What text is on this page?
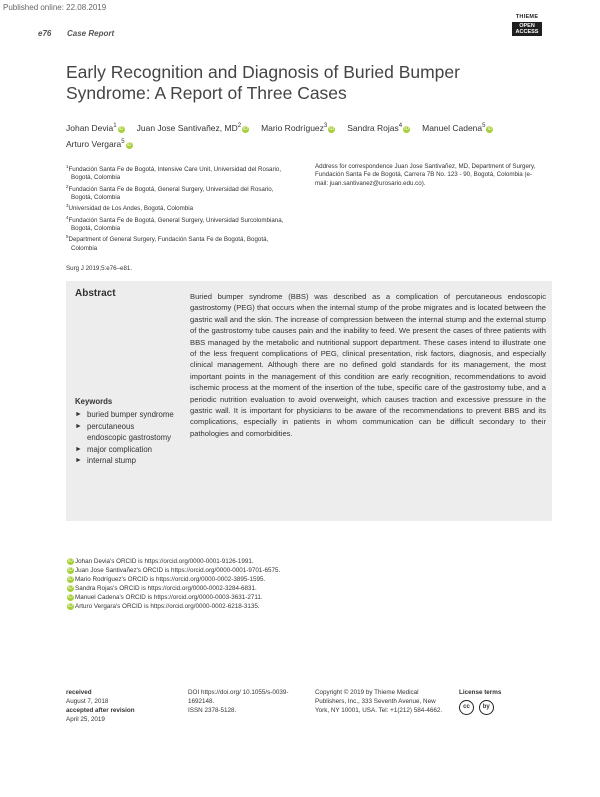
Published online: 22.08.2019
e76 Case Report
THIEME
OPEN
ACCESS
Early Recognition and Diagnosis of Buried Bumper Syndrome: A Report of Three Cases
Johan Devia$^1$ iD Juan Jose Santivañez, $MD^2$ iD Mario Rodríguez$^3$ iD Sandra Rojas$^4$ iD Manuel Cadena$^5$ iDArturo Vergara$^5$ iD
$^1$Fundación Santa Fe de Bogotá, Intensive Care Unit, Universidad del Rosario, Bogotá, Colombia
$^2$Fundación Santa Fe de Bogotá, General Surgery, Universidad del Rosario, Bogotá, Colombia
$^3$Universidad de Los Andes, Bogotá, Colombia
$^4$Fundación Santa Fe de Bogotá, General Surgery, Universidad Surcolombiana, Bogotá, Colombia
$^5$Department of General Surgery, Fundación Santa Fe de Bogotá, Bogotá, Colombia
Address for correspondence Juan Jose Santivañez, MD, Department of Surgery, Fundación Santa Fe de Bogotá, Carrera 7B No. 123 - 90, Bogotá, Colombia (e-mail: juan.santivanez@urosario.edu.co).
Surg J 2019;5:e76–e81.
Abstract	Buried bumper syndrome (BBS) was described as a complication of percutaneous endoscopic gastrostomy (PEG) that occurs when the internal stump of the probe migrates and is located between the gastric wall and the skin. The increase of compression between the internal stump and the external stump of the gastrostomy tube causes pain and the inability to feed. We present the cases of three patients with BBS managed by the metabolic and nutritional support department. These cases intend to illustrate one of the less frequent complications of PEG, clinical presentation, risk factors, diagnosis, and especially clinical management. Although there are no defined gold standards for its management, the most important points in the management of this condition are early recognition, recommendations to avoid ischemic process at the moment of the insertion of the tube, specific care of the gastrostomy tube, and a periodic nutrition evaluation to avoid overweight, which causes traction and excessive pressure in the gastric wall. It is important for physicians to be aware of the recommendations to prevent BBS and its complications, especially in patients in whom communication can be difficult secondary to their pathologies and comorbidities.
Keywords
► buried bumper syndrome
► percutaneous endoscopic gastrostomy
► major complication
► internal stump
iD Johan Devia's ORCID is https://orcid.org/0000-0001-9126-1991.
iD Juan Jose Santivañez's ORCID is https://orcid.org/0000-0001-9701-6575.
iD Mario Rodríguez's ORCID is https://orcid.org/0000-0002-3895-1595.
iD Sandra Rojas's ORCID is https://orcid.org/0000-0002-3284-6831.
iD Manuel Cadena's ORCID is https://orcid.org/0000-0003-3631-2711.
iD Arturo Vergara's ORCID is https://orcid.org/0000-0002-6218-3135.
received
August 7, 2018
accepted after revision
April 25, 2019
DOI https://doi.org/ 10.1055/s-0039-1692148.
ISSN 2378-5128.
Copyright © 2019 by Thieme Medical Publishers, Inc., 333 Seventh Avenue, New York, NY 10001, USA. Tel: +1(212) 584-4662.
License terms
cc by
